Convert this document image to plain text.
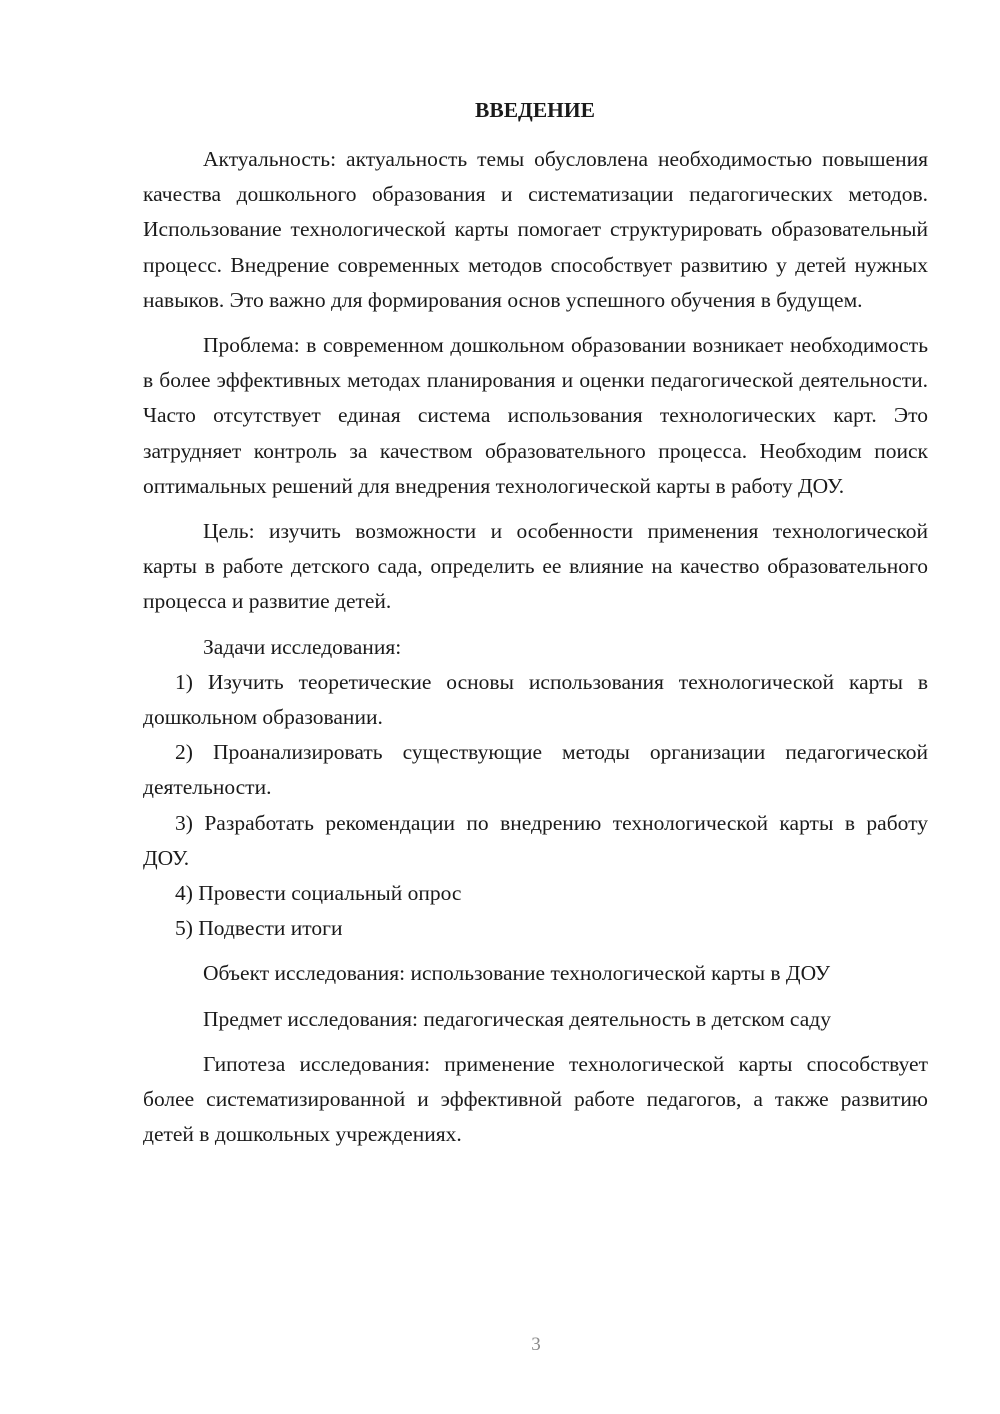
ВВЕДЕНИЕ

Актуальность: актуальность темы обусловлена необходимостью повышения качества дошкольного образования и систематизации педагогических методов. Использование технологической карты помогает структурировать образовательный процесс. Внедрение современных методов способствует развитию у детей нужных навыков. Это важно для формирования основ успешного обучения в будущем.

Проблема: в современном дошкольном образовании возникает необходимость в более эффективных методах планирования и оценки педагогической деятельности. Часто отсутствует единая система использования технологических карт. Это затрудняет контроль за качеством образовательного процесса. Необходим поиск оптимальных решений для внедрения технологической карты в работу ДОУ.

Цель: изучить возможности и особенности применения технологической карты в работе детского сада, определить ее влияние на качество образовательного процесса и развитие детей.

Задачи исследования:

1) Изучить теоретические основы использования технологической карты в дошкольном образовании.

2) Проанализировать существующие методы организации педагогической деятельности.

3) Разработать рекомендации по внедрению технологической карты в работу ДОУ.

4) Провести социальный опрос

5) Подвести итоги

Объект исследования: использование технологической карты в ДОУ

Предмет исследования: педагогическая деятельность в детском саду

Гипотеза исследования: применение технологической карты способствует более систематизированной и эффективной работе педагогов, а также развитию детей в дошкольных учреждениях.

3
